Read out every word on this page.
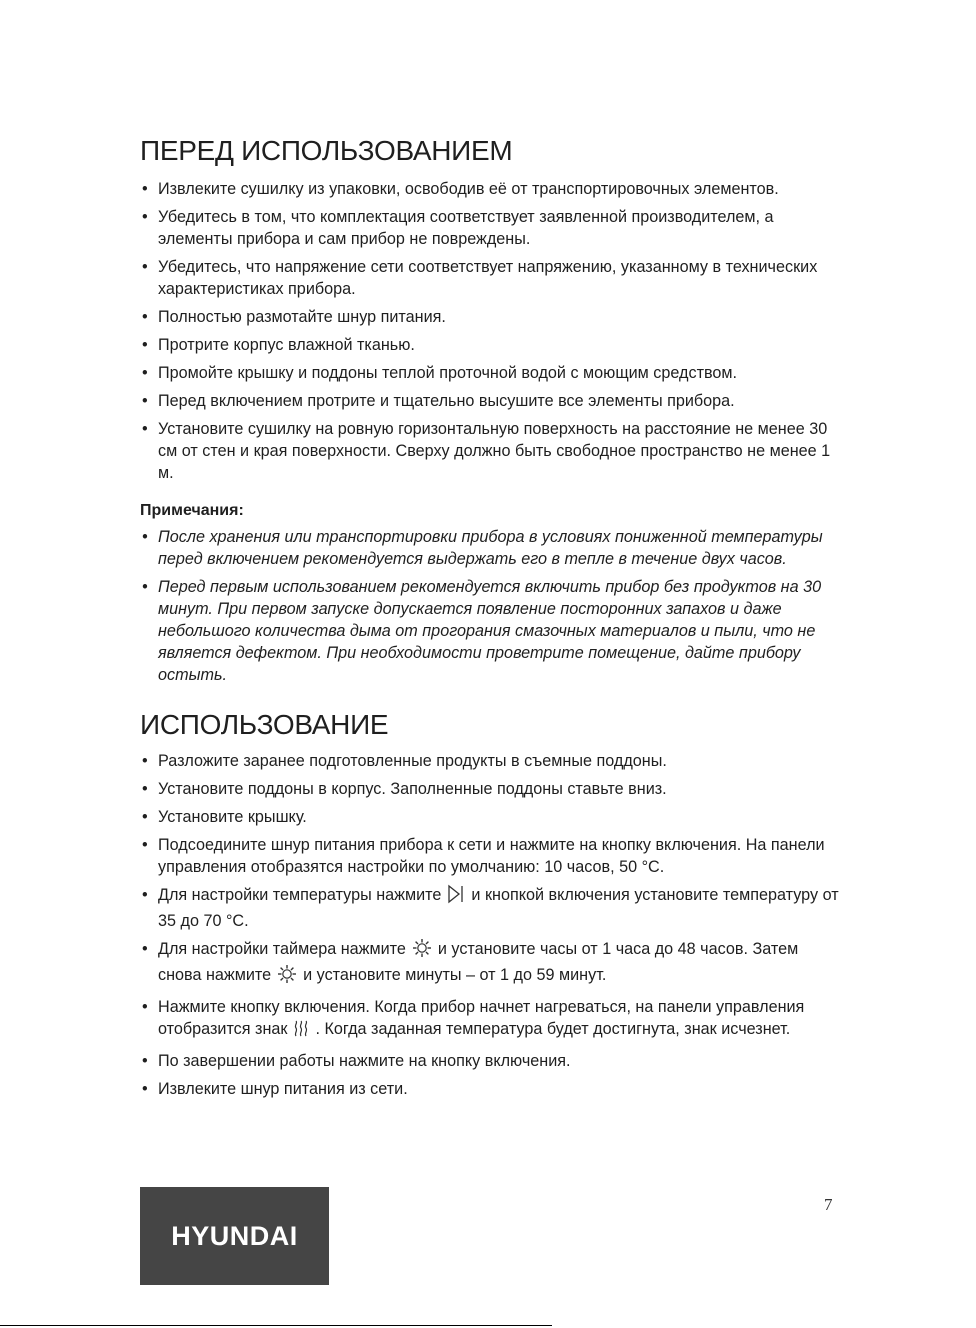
ПЕРЕД ИСПОЛЬЗОВАНИЕМ
• Извлеките сушилку из упаковки, освободив её от транспортировочных элементов.
• Убедитесь в том, что комплектация соответствует заявленной производителем, а элементы прибора и сам прибор не повреждены.
• Убедитесь, что напряжение сети соответствует напряжению, указанному в технических характеристиках прибора.
• Полностью размотайте шнур питания.
• Протрите корпус влажной тканью.
• Промойте крышку и поддоны теплой проточной водой с моющим средством.
• Перед включением протрите и тщательно высушите все элементы прибора.
• Установите сушилку на ровную горизонтальную поверхность на расстояние не менее 30 см от стен и края поверхности. Сверху должно быть свободное пространство не менее 1 м.
Примечания:
• После хранения или транспортировки прибора в условиях пониженной температуры перед включением рекомендуется выдержать его в тепле в течение двух часов.
• Перед первым использованием рекомендуется включить прибор без продуктов на 30 минут. При первом запуске допускается появление посторонних запахов и даже небольшого количества дыма от прогорания смазочных материалов и пыли, что не является дефектом. При необходимости проветрите помещение, дайте прибору остыть.
ИСПОЛЬЗОВАНИЕ
• Разложите заранее подготовленные продукты в съемные поддоны.
• Установите поддоны в корпус. Заполненные поддоны ставьте вниз.
• Установите крышку.
• Подсоедините шнур питания прибора к сети и нажмите на кнопку включения. На панели управления отобразятся настройки по умолчанию: 10 часов, 50 °С.
• Для настройки температуры нажмите и кнопкой включения установите температуру от 35 до 70 °С.
• Для настройки таймера нажмите и установите часы от 1 часа до 48 часов. Затем снова нажмите и установите минуты – от 1 до 59 минут.
• Нажмите кнопку включения. Когда прибор начнет нагреваться, на панели управления отобразится знак . Когда заданная температура будет достигнута, знак исчезнет.
• По завершении работы нажмите на кнопку включения.
• Извлеките шнур питания из сети.
HYUNDAI
7
